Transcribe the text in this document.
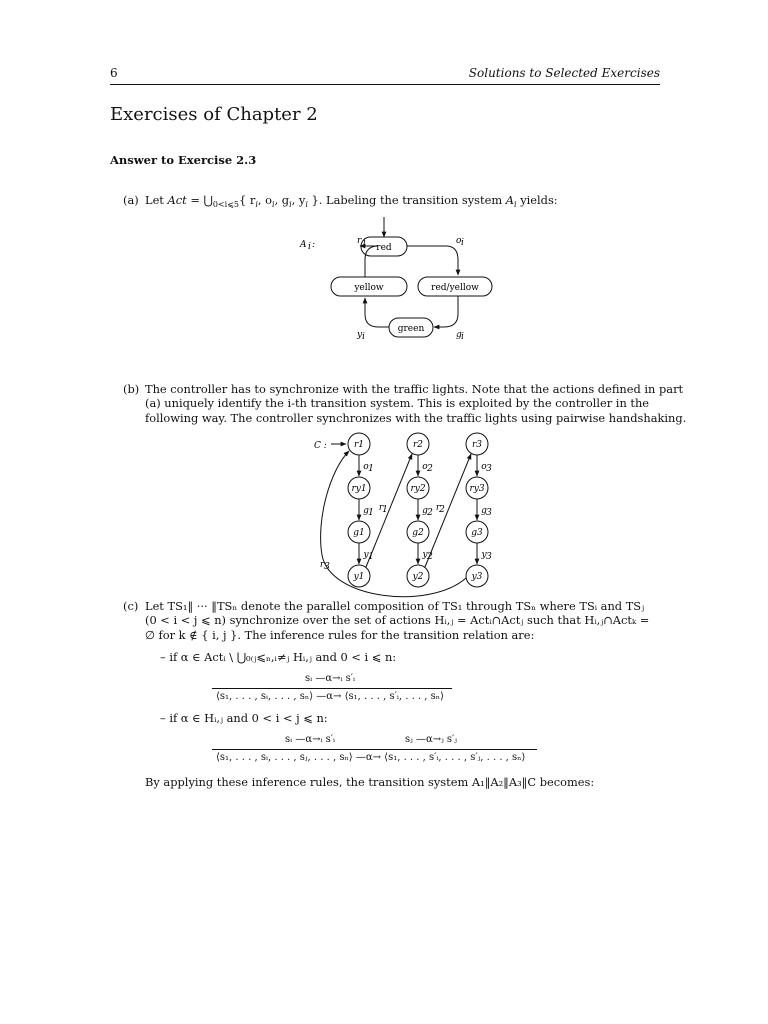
6	Solutions to Selected Exercises
Exercises of Chapter 2
Answer to Exercise 2.3
(a) Let Act = $⋃_{0<i⩽5}${ $r_i$, $o_i$, $g_i$, $y_i$ }. Labeling the transition system $A_i$ yields:
red
red/yellow
green
yellow
A i :	r i	o i
g i
y i
C :	r1
ry1
g1
y1
o 1
g 1
y 1
r2
ry2
g2
y2
o 2
g 2
y 2
r3
ry3
g3
y3
o 3
g 3
y 3
r
1	r
2
r 3
(b) The controller has to synchronize with the traffic lights. Note that the actions defined in part
(a) uniquely identify the i-th transition system. This is exploited by the controller in the
following way. The controller synchronizes with the traffic lights using pairwise handshaking.
(c) Let TS₁‖ ··· ‖TSₙ denote the parallel composition of TS₁ through TSₙ where TSᵢ and TSⱼ
(0 < i < j ⩽ n) synchronize over the set of actions Hᵢ,ⱼ = Actᵢ∩Actⱼ such that Hᵢ,ⱼ∩Actₖ =
∅ for k ∉ { i, j }. The inference rules for the transition relation are:
– if α ∈ Actᵢ \ ⋃₀₍ⱼ⩽ₙ,ᵢ≠ⱼ Hᵢ,ⱼ and 0 < i ⩽ n:
sᵢ —α→ᵢ s′ᵢ
⟨s₁, . . . , sᵢ, . . . , sₙ⟩ —α→ ⟨s₁, . . . , s′ᵢ, . . . , sₙ⟩
– if α ∈ Hᵢ,ⱼ and 0 < i < j ⩽ n:
sᵢ —α→ᵢ s′ᵢ	sⱼ —α→ⱼ s′ⱼ
⟨s₁, . . . , sᵢ, . . . , sⱼ, . . . , sₙ⟩ —α→ ⟨s₁, . . . , s′ᵢ, . . . , s′ⱼ, . . . , sₙ⟩
By applying these inference rules, the transition system A₁‖A₂‖A₃‖C becomes:
